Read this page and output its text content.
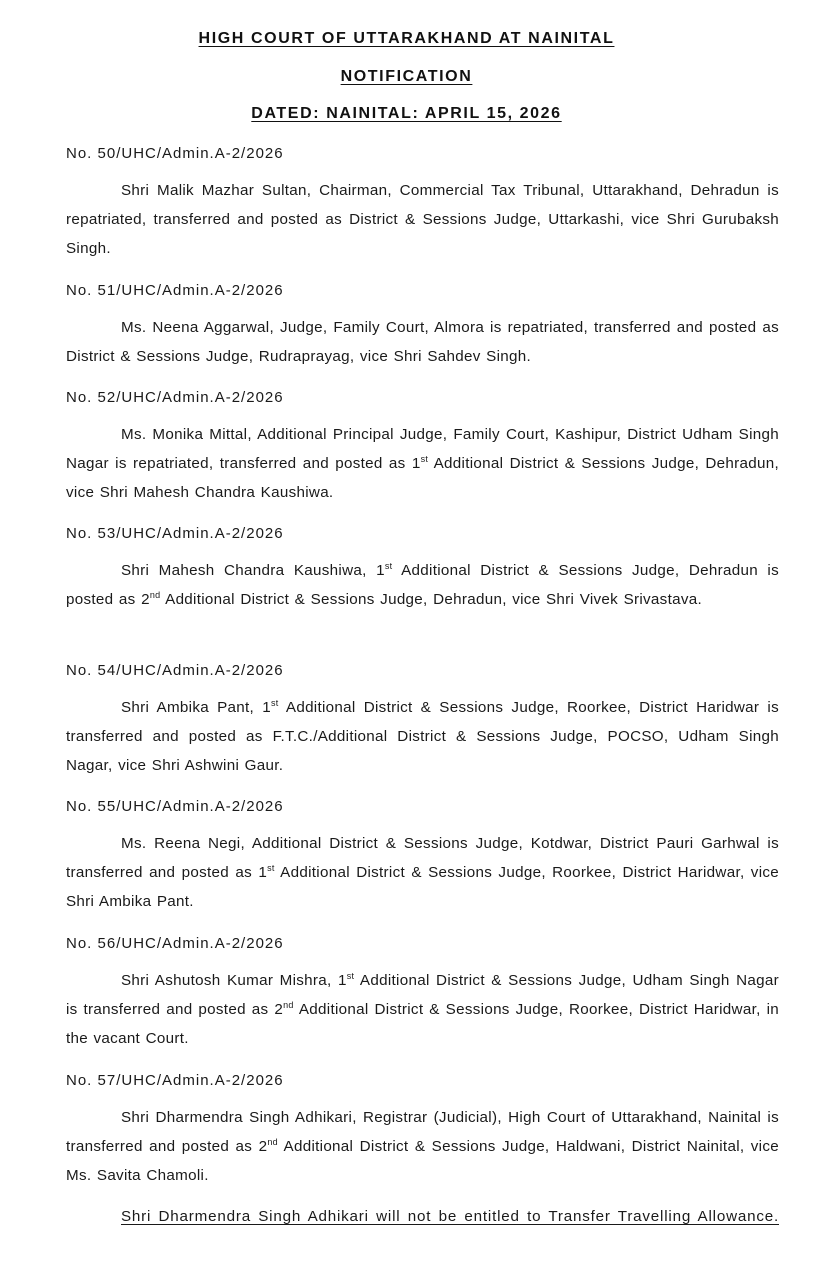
HIGH COURT OF UTTARAKHAND AT NAINITAL
NOTIFICATION
DATED: NAINITAL: APRIL 15, 2026
No. 50/UHC/Admin.A-2/2026
Shri Malik Mazhar Sultan, Chairman, Commercial Tax Tribunal, Uttarakhand, Dehradun is repatriated, transferred and posted as District & Sessions Judge, Uttarkashi, vice Shri Gurubaksh Singh.
No. 51/UHC/Admin.A-2/2026
Ms. Neena Aggarwal, Judge, Family Court, Almora is repatriated, transferred and posted as District & Sessions Judge, Rudraprayag, vice Shri Sahdev Singh.
No. 52/UHC/Admin.A-2/2026
Ms. Monika Mittal, Additional Principal Judge, Family Court, Kashipur, District Udham Singh Nagar is repatriated, transferred and posted as 1st Additional District & Sessions Judge, Dehradun, vice Shri Mahesh Chandra Kaushiwa.
No. 53/UHC/Admin.A-2/2026
Shri Mahesh Chandra Kaushiwa, 1st Additional District & Sessions Judge, Dehradun is posted as 2nd Additional District & Sessions Judge, Dehradun, vice Shri Vivek Srivastava.
No. 54/UHC/Admin.A-2/2026
Shri Ambika Pant, 1st Additional District & Sessions Judge, Roorkee, District Haridwar is transferred and posted as F.T.C./Additional District & Sessions Judge, POCSO, Udham Singh Nagar, vice Shri Ashwini Gaur.
No. 55/UHC/Admin.A-2/2026
Ms. Reena Negi, Additional District & Sessions Judge, Kotdwar, District Pauri Garhwal is transferred and posted as 1st Additional District & Sessions Judge, Roorkee, District Haridwar, vice Shri Ambika Pant.
No. 56/UHC/Admin.A-2/2026
Shri Ashutosh Kumar Mishra, 1st Additional District & Sessions Judge, Udham Singh Nagar is transferred and posted as 2nd Additional District & Sessions Judge, Roorkee, District Haridwar, in the vacant Court.
No. 57/UHC/Admin.A-2/2026
Shri Dharmendra Singh Adhikari, Registrar (Judicial), High Court of Uttarakhand, Nainital is transferred and posted as 2nd Additional District & Sessions Judge, Haldwani, District Nainital, vice Ms. Savita Chamoli.
Shri Dharmendra Singh Adhikari will not be entitled to Transfer Travelling Allowance.
